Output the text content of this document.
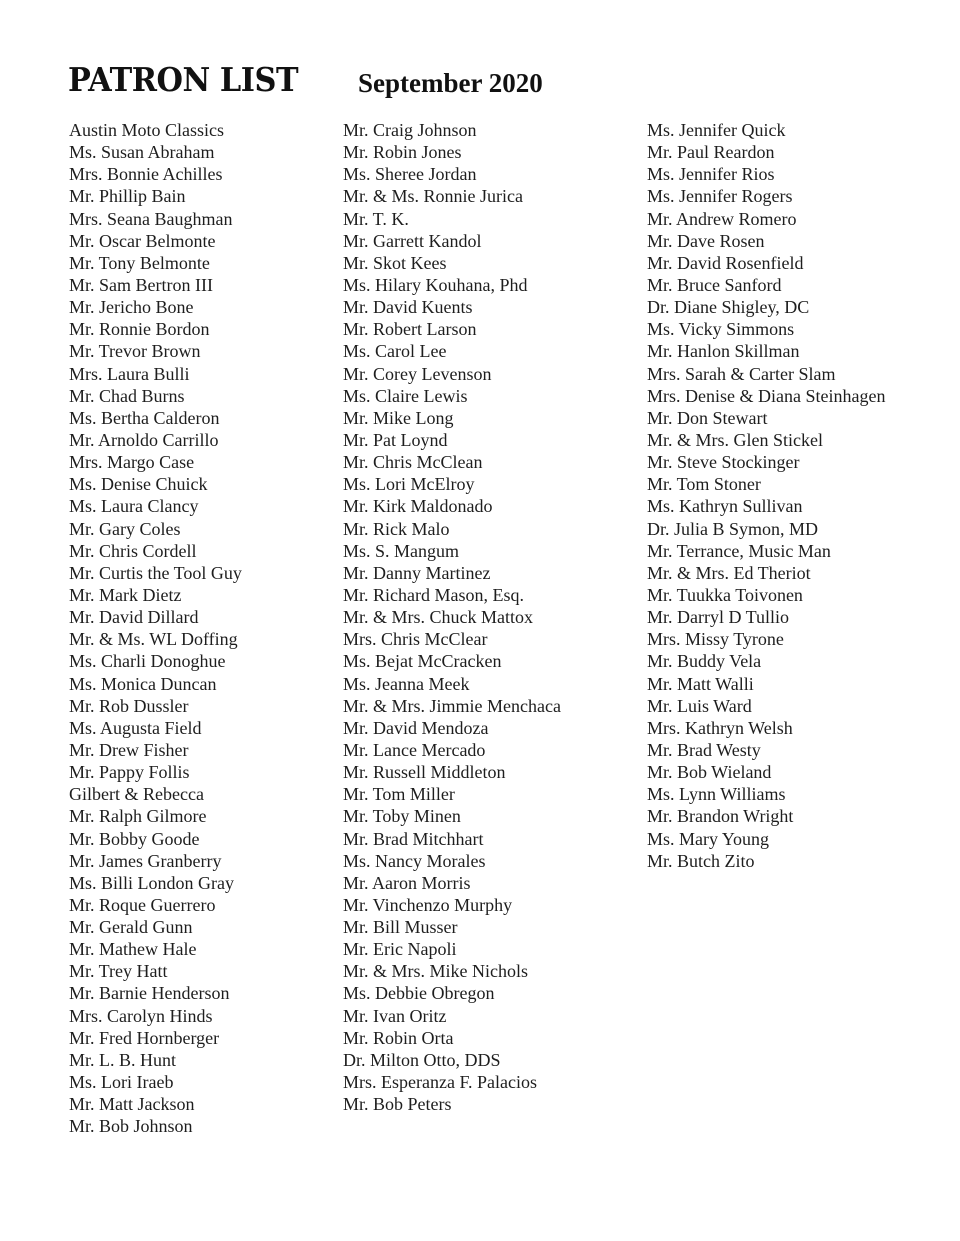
PATRON LIST September 2020
Austin Moto Classics
Ms. Susan Abraham
Mrs. Bonnie Achilles
Mr. Phillip Bain
Mrs. Seana Baughman
Mr. Oscar Belmonte
Mr. Tony Belmonte
Mr. Sam Bertron III
Mr. Jericho Bone
Mr. Ronnie Bordon
Mr. Trevor Brown
Mrs. Laura Bulli
Mr. Chad Burns
Ms. Bertha Calderon
Mr. Arnoldo Carrillo
Mrs. Margo Case
Ms. Denise Chuick
Ms. Laura Clancy
Mr. Gary Coles
Mr. Chris Cordell
Mr. Curtis the Tool Guy
Mr. Mark Dietz
Mr. David Dillard
Mr. & Ms. WL Doffing
Ms. Charli Donoghue
Ms. Monica Duncan
Mr. Rob Dussler
Ms. Augusta Field
Mr. Drew Fisher
Mr. Pappy Follis
Gilbert & Rebecca
Mr. Ralph Gilmore
Mr. Bobby Goode
Mr. James Granberry
Ms. Billi London Gray
Mr. Roque Guerrero
Mr. Gerald Gunn
Mr. Mathew Hale
Mr. Trey Hatt
Mr. Barnie Henderson
Mrs. Carolyn Hinds
Mr. Fred Hornberger
Mr. L. B. Hunt
Ms. Lori Iraeb
Mr. Matt Jackson
Mr. Bob Johnson
Mr. Craig Johnson
Mr. Robin Jones
Ms. Sheree Jordan
Mr. & Ms. Ronnie Jurica
Mr. T. K.
Mr. Garrett Kandol
Mr. Skot Kees
Ms. Hilary Kouhana, Phd
Mr. David Kuents
Mr. Robert Larson
Ms. Carol Lee
Mr. Corey Levenson
Ms. Claire Lewis
Mr. Mike Long
Mr. Pat Loynd
Mr. Chris McClean
Ms. Lori McElroy
Mr. Kirk Maldonado
Mr. Rick Malo
Ms. S. Mangum
Mr. Danny Martinez
Mr. Richard Mason, Esq.
Mr. & Mrs. Chuck Mattox
Mrs. Chris McClear
Ms. Bejat McCracken
Ms. Jeanna Meek
Mr. & Mrs. Jimmie Menchaca
Mr. David Mendoza
Mr. Lance Mercado
Mr. Russell Middleton
Mr. Tom Miller
Mr. Toby Minen
Mr. Brad Mitchhart
Ms. Nancy Morales
Mr. Aaron Morris
Mr. Vinchenzo Murphy
Mr. Bill Musser
Mr. Eric Napoli
Mr. & Mrs. Mike Nichols
Ms. Debbie Obregon
Mr. Ivan Oritz
Mr. Robin Orta
Dr. Milton Otto, DDS
Mrs. Esperanza F. Palacios
Mr. Bob Peters
Ms. Jennifer Quick
Mr. Paul Reardon
Ms. Jennifer Rios
Ms. Jennifer Rogers
Mr. Andrew Romero
Mr. Dave Rosen
Mr. David Rosenfield
Mr. Bruce Sanford
Dr. Diane Shigley, DC
Ms. Vicky Simmons
Mr. Hanlon Skillman
Mrs. Sarah & Carter Slam
Mrs. Denise & Diana Steinhagen
Mr. Don Stewart
Mr. & Mrs. Glen Stickel
Mr. Steve Stockinger
Mr. Tom Stoner
Ms. Kathryn Sullivan
Dr. Julia B Symon, MD
Mr. Terrance, Music Man
Mr. & Mrs. Ed Theriot
Mr. Tuukka Toivonen
Mr. Darryl D Tullio
Mrs. Missy Tyrone
Mr. Buddy Vela
Mr. Matt Walli
Mr. Luis Ward
Mrs. Kathryn Welsh
Mr. Brad Westy
Mr. Bob Wieland
Ms. Lynn Williams
Mr. Brandon Wright
Ms. Mary Young
Mr. Butch Zito
